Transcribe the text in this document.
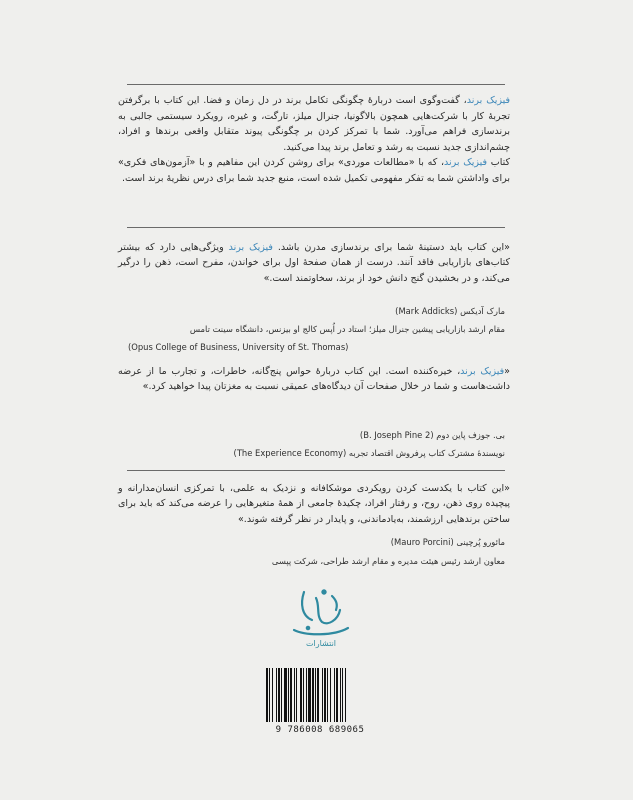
فیزیک برند، گفت‌وگوی است دربارهٔ چگونگی تکامل برند در دل زمان و فضا. این کتاب با برگرفتن تجربهٔ کار با شرکت‌هایی همچون بالاگونیا، جنرال میلز، تارگت، و غیره، رویکرد سیستمی جالبی به برندسازی فراهم می‌آورد. شما با تمرکز کردن بر چگونگی پیوند متقابل واقعی برندها و افراد، چشم‌اندازی جدید نسبت به رشد و تعامل برند پیدا می‌کنید.
کتاب فیزیک برند، که با «مطالعات موردی» برای روشن کردن این مفاهیم و با «آزمون‌های فکری» برای واداشتن شما به تفکر مفهومی تکمیل شده است، منبع جدید شما برای درس نظریهٔ برند است.
«این کتاب باید دستینهٔ شما برای برندسازی مدرن باشد. فیزیک برند ویژگی‌هایی دارد که بیشتر کتاب‌های بازاریابی فاقد آنند. درست از همان صفحهٔ اول برای خواندن، مفرح است، ذهن را درگیر می‌کند، و در بخشیدن گنج دانش خود از برند، سخاوتمند است.»
مارک آدیکس (Mark Addicks)
مقام ارشد بازاریابی پیشین جنرال میلز؛ استاد در اُپس کالج او بیزنس، دانشگاه سینت تامس
(Opus College of Business, University of St. Thomas)
«فیزیک برند، خیره‌کننده است. این کتاب دربارهٔ حواس پنج‌گانه، خاطرات، و تجارب ما از عرضه داشت‌هاست و شما در خلال صفحات آن دیدگاه‌های عمیقی نسبت به مغزتان پیدا خواهید کرد.»
بی. جوزف پاین دوم (B. Joseph Pine 2)
نویسندهٔ مشترک کتاب پرفروش اقتصاد تجربه (The Experience Economy)
«این کتاب با یکدست کردن رویکردی موشکافانه و نزدیک به علمی، با تمرکزی انسان‌مدارانه و پیچیده روی ذهن، روح، و رفتار افراد، چکیدهٔ جامعی از همهٔ متغیرهایی را عرضه می‌کند که باید برای ساختن برندهایی ارزشمند، به‌یادماندنی، و پایدار در نظر گرفته شوند.»
مائورو پُرچینی (Mauro Porcini)
معاون ارشد رئیس هیئت مدیره و مقام ارشد طراحی، شرکت پپسی
انتشارات
9 786008 689065
